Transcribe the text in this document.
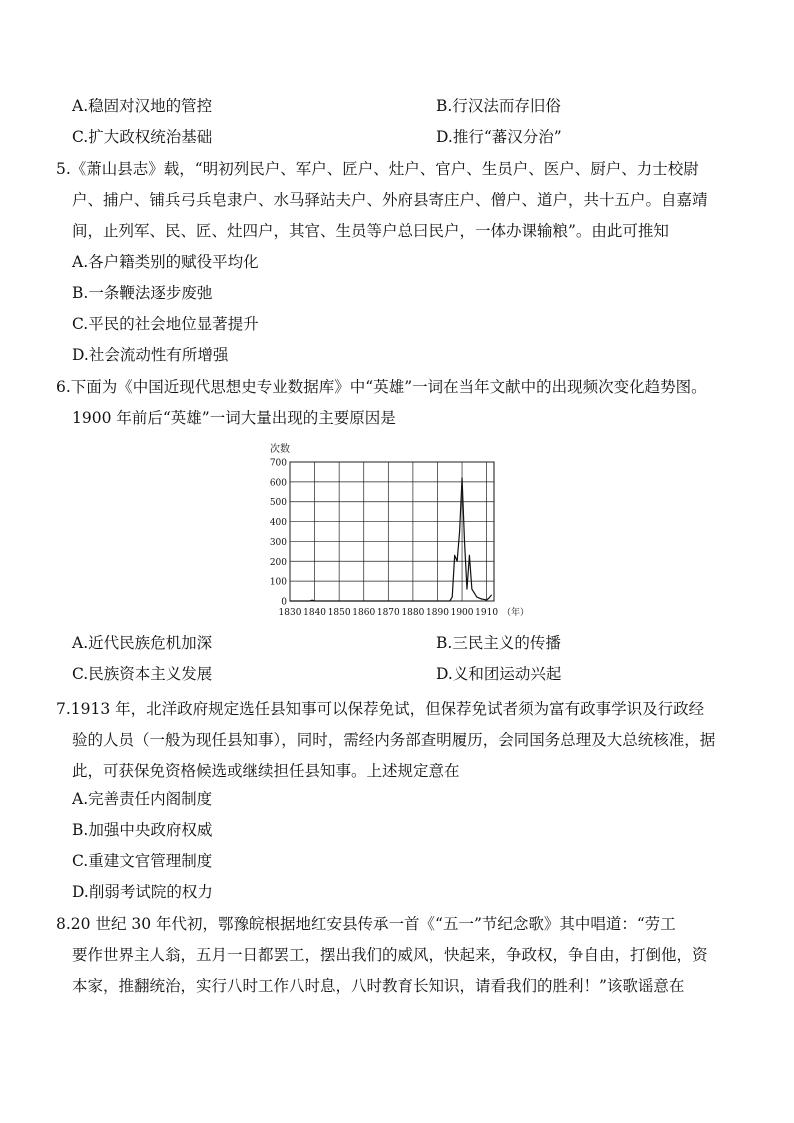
A.稳固对汉地的管控	B.行汉法而存旧俗
C.扩大政权统治基础	D.推行“蕃汉分治”
5.《萧山县志》载，“明初列民户、军户、匠户、灶户、官户、生员户、医户、厨户、力士校尉
户、捕户、铺兵弓兵皂隶户、水马驿站夫户、外府县寄庄户、僧户、道户，共十五户。自嘉靖
间，止列军、民、匠、灶四户，其官、生员等户总曰民户，一体办课输粮”。由此可推知
A.各户籍类别的赋役平均化
B.一条鞭法逐步废弛
C.平民的社会地位显著提升
D.社会流动性有所增强
6.下面为《中国近现代思想史专业数据库》中“英雄”一词在当年文献中的出现频次变化趋势图。
1900 年前后“英雄”一词大量出现的主要原因是
0
100
200
300
400
500
600
700
1830 1840 1850 1860 1870 1880 1890 1900 1910
次数
（年）
A.近代民族危机加深	B.三民主义的传播
C.民族资本主义发展	D.义和团运动兴起
7.1913 年，北洋政府规定选任县知事可以保荐免试，但保荐免试者须为富有政事学识及行政经
验的人员（一般为现任县知事），同时，需经内务部查明履历，会同国务总理及大总统核准，据
此，可获保免资格候选或继续担任县知事。上述规定意在
A.完善责任内阁制度
B.加强中央政府权威
C.重建文官管理制度
D.削弱考试院的权力
8.20 世纪 30 年代初，鄂豫皖根据地红安县传承一首《“五一”节纪念歌》其中唱道：“劳工
要作世界主人翁，五月一日都罢工，摆出我们的威风，快起来，争政权，争自由，打倒他，资
本家，推翻统治，实行八时工作八时息，八时教育长知识，请看我们的胜利！”该歌谣意在
